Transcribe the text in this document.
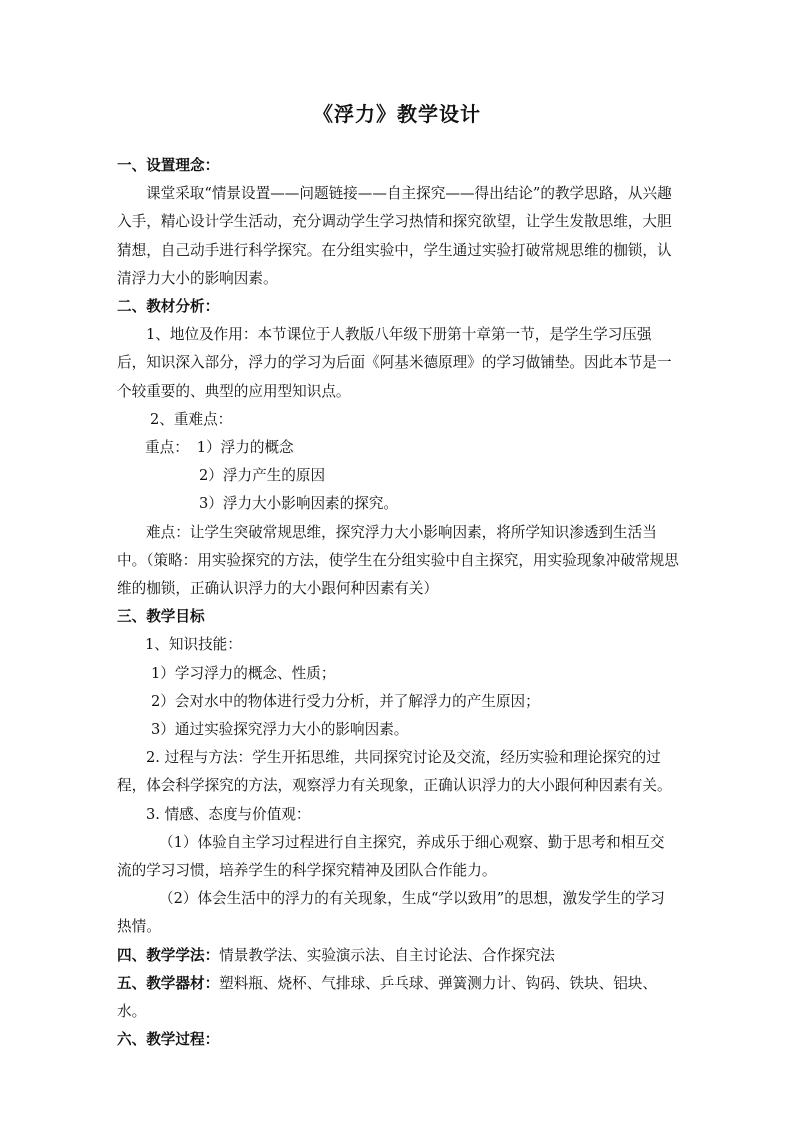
《浮力》教学设计

一、设置理念：

课堂采取“情景设置——问题链接——自主探究——得出结论”的教学思路，从兴趣入手，精心设计学生活动，充分调动学生学习热情和探究欲望，让学生发散思维，大胆猜想，自己动手进行科学探究。在分组实验中，学生通过实验打破常规思维的枷锁，认清浮力大小的影响因素。

二、教材分析：

1、地位及作用：本节课位于人教版八年级下册第十章第一节，是学生学习压强后，知识深入部分，浮力的学习为后面《阿基米德原理》的学习做铺垫。因此本节是一个较重要的、典型的应用型知识点。

2、重难点：

重点： 1）浮力的概念

2）浮力产生的原因

3）浮力大小影响因素的探究。

难点：让学生突破常规思维，探究浮力大小影响因素，将所学知识渗透到生活当中。（策略：用实验探究的方法，使学生在分组实验中自主探究，用实验现象冲破常规思维的枷锁，正确认识浮力的大小跟何种因素有关）

三、教学目标

1、知识技能：

1）学习浮力的概念、性质；

2）会对水中的物体进行受力分析，并了解浮力的产生原因；

3）通过实验探究浮力大小的影响因素。

2. 过程与方法：学生开拓思维，共同探究讨论及交流，经历实验和理论探究的过程，体会科学探究的方法，观察浮力有关现象，正确认识浮力的大小跟何种因素有关。

3. 情感、态度与价值观：

（1）体验自主学习过程进行自主探究，养成乐于细心观察、勤于思考和相互交流的学习习惯，培养学生的科学探究精神及团队合作能力。

（2）体会生活中的浮力的有关现象，生成“学以致用”的思想，激发学生的学习热情。

四、教学学法：情景教学法、实验演示法、自主讨论法、合作探究法

五、教学器材：塑料瓶、烧杯、气排球、乒乓球、弹簧测力计、钩码、铁块、铝块、水。

六、教学过程：
